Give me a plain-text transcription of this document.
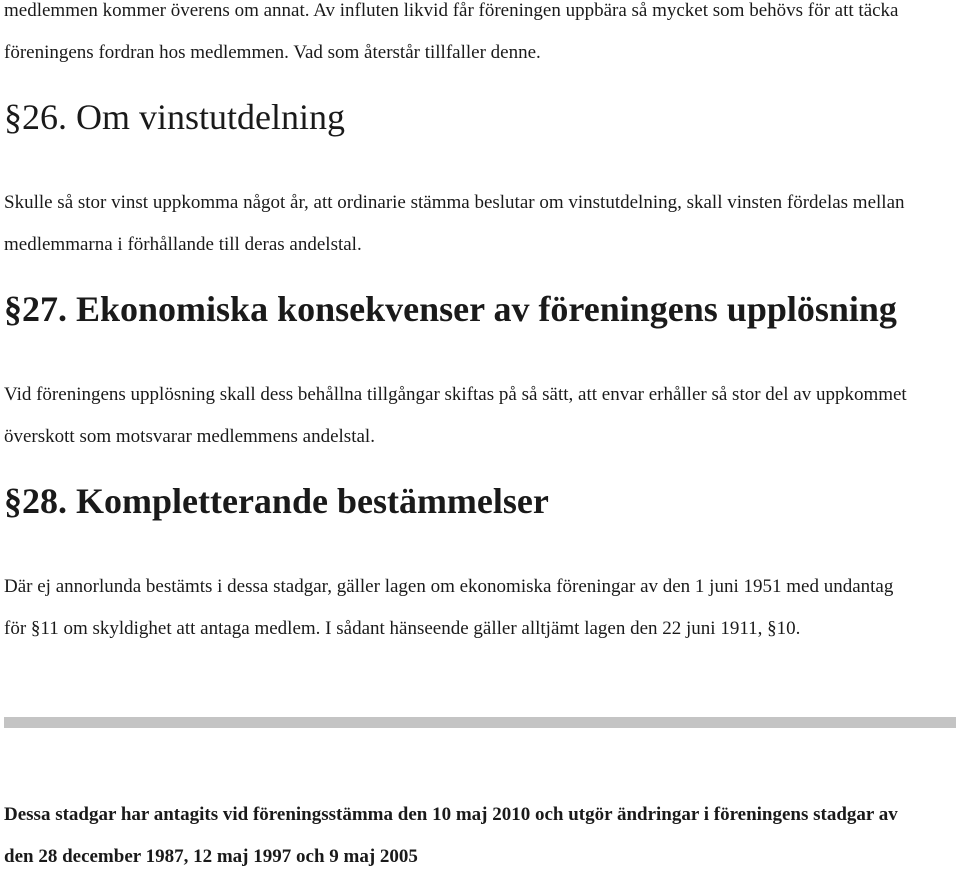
medlemmen kommer överens om annat. Av influten likvid får föreningen uppbära så mycket som behövs för att täcka
föreningens fordran hos medlemmen. Vad som återstår tillfaller denne.
§26. Om vinstutdelning
Skulle så stor vinst uppkomma något år, att ordinarie stämma beslutar om vinstutdelning, skall vinsten fördelas mellan
medlemmarna i förhållande till deras andelstal.
§27. Ekonomiska konsekvenser av föreningens upplösning
Vid föreningens upplösning skall dess behållna tillgångar skiftas på så sätt, att envar erhåller så stor del av uppkommet
överskott som motsvarar medlemmens andelstal.
§28. Kompletterande bestämmelser
Där ej annorlunda bestämts i dessa stadgar, gäller lagen om ekonomiska föreningar av den 1 juni 1951 med undantag
för §11 om skyldighet att antaga medlem. I sådant hänseende gäller alltjämt lagen den 22 juni 1911, §10.
Dessa stadgar har antagits vid föreningsstämma den 10 maj 2010 och utgör ändringar i föreningens stadgar av
den 28 december 1987, 12 maj 1997 och 9 maj 2005
